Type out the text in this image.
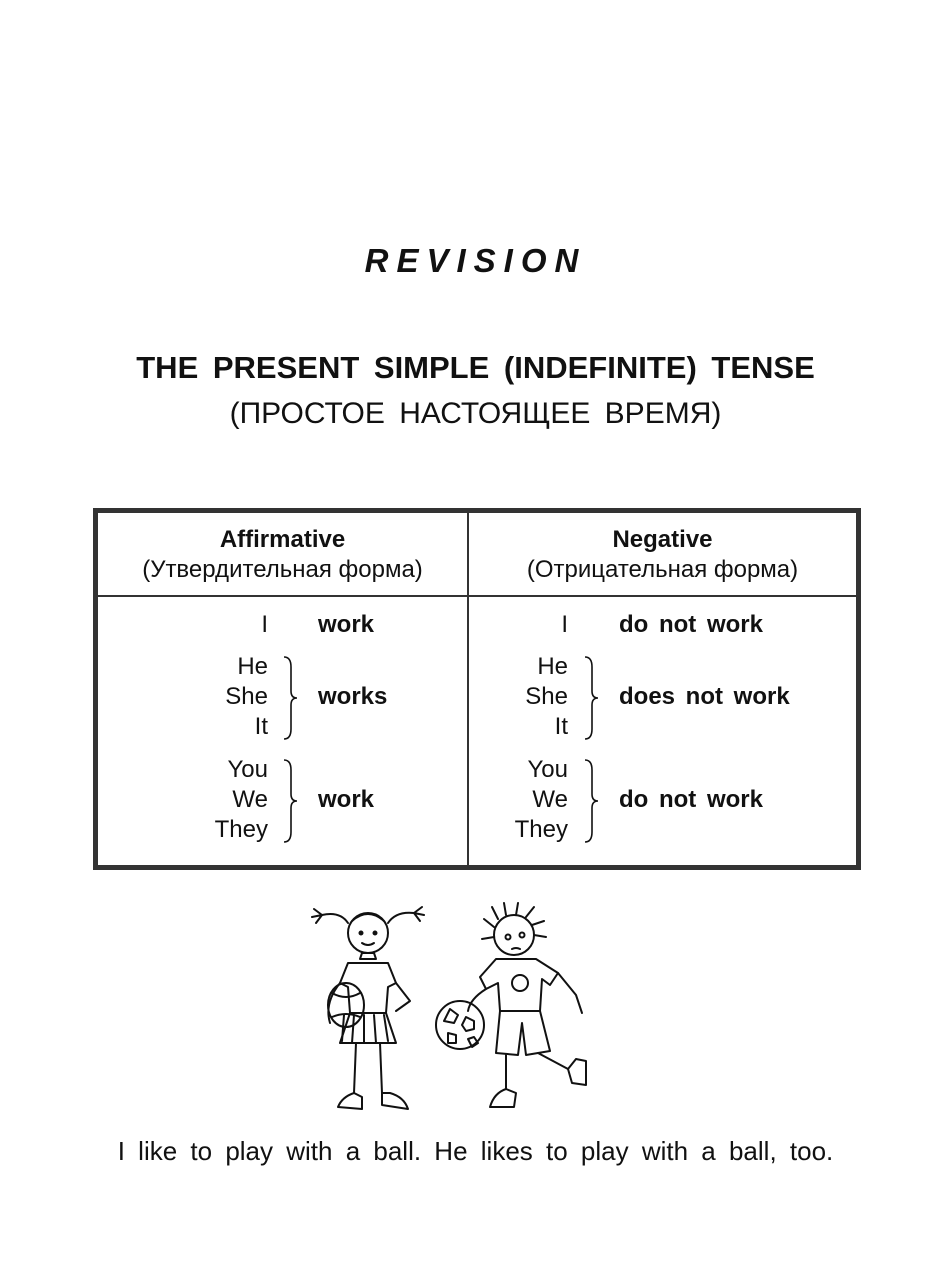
REVISION
THE PRESENT SIMPLE (INDEFINITE) TENSE
(ПРОСТОЕ НАСТОЯЩЕЕ ВРЕМЯ)
Affirmative
(Утвердительная форма)
Negative
(Отрицательная форма)
I work
He
She
It
works
You
We
They
work
I do not work
He
She
It
does not work
You
We
They
do not work
I like to play with a ball. He likes to play with a ball, too.
